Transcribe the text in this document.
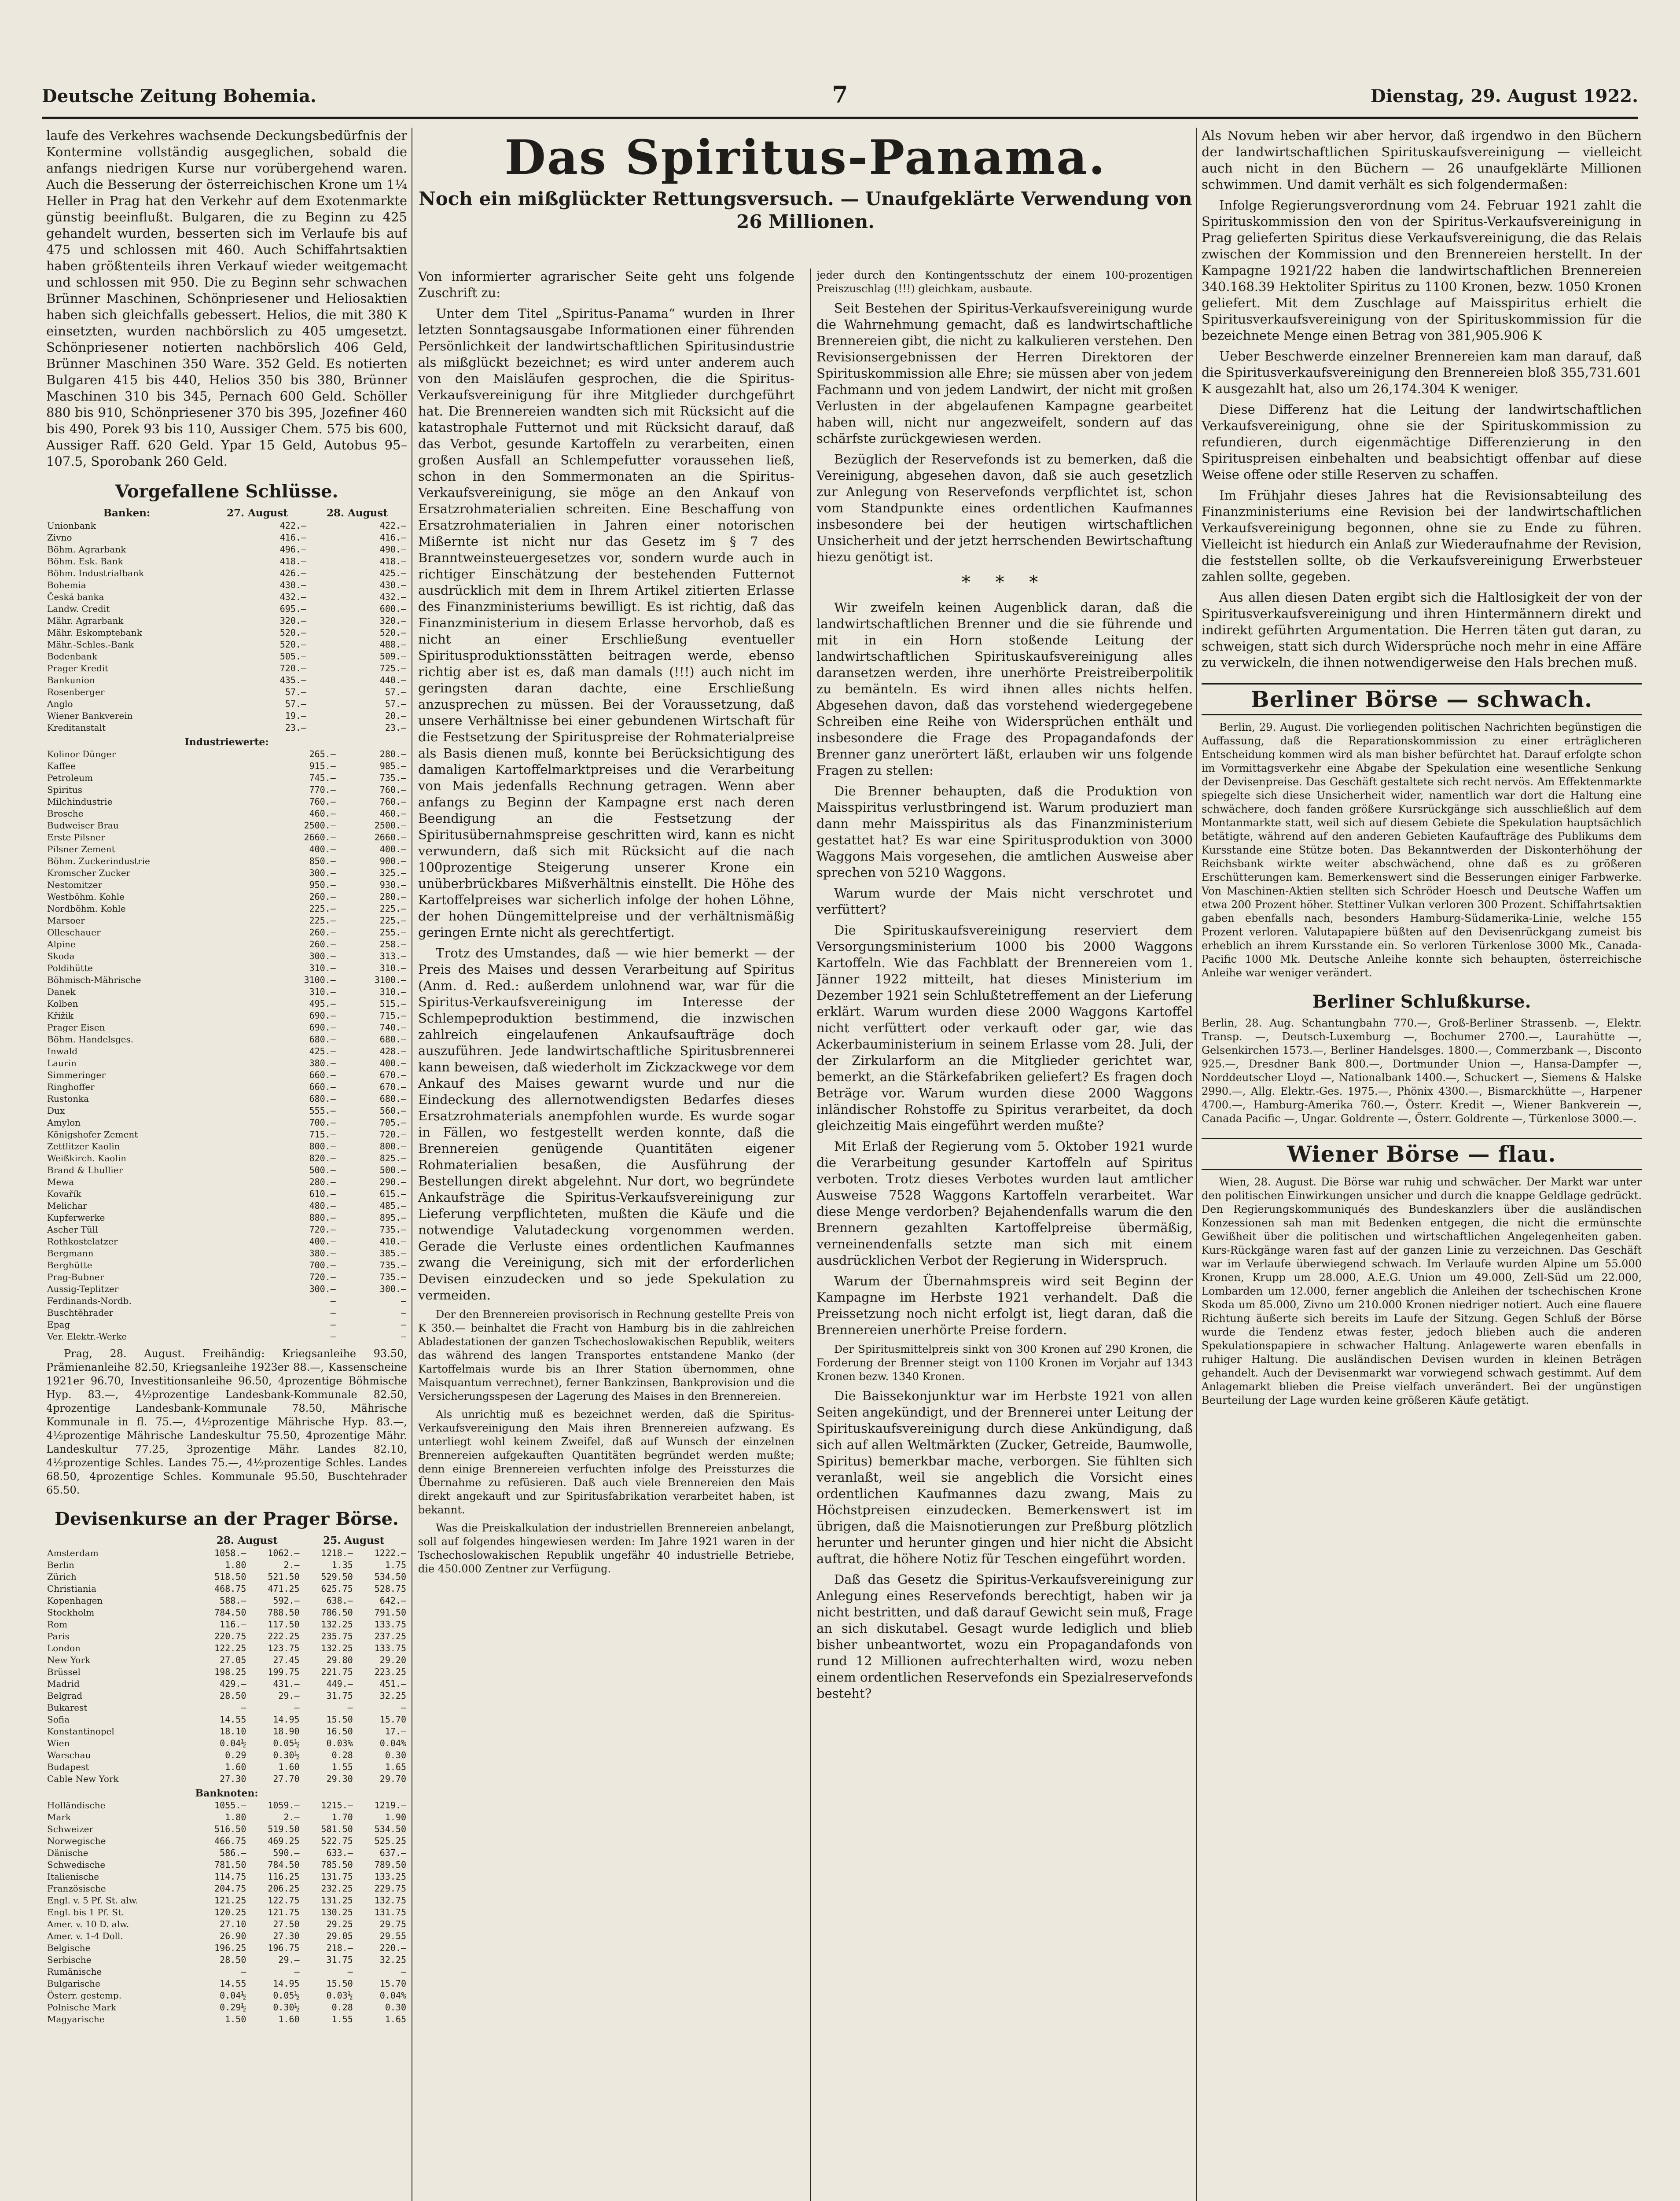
Deutsche Zeitung Bohemia.	7	Dienstag, 29. August 1922.

laufe des Verkehres wachsende Deckungsbedürfnis der Kontermine vollständig ausgeglichen, sobald die anfangs niedrigen Kurse nur vorübergehend waren. Auch die Besserung der österreichischen Krone um 1¼ Heller in Prag hat den Verkehr auf dem Exotenmarkte günstig beeinflußt. Bulgaren, die zu Beginn zu 425 gehandelt wurden, besserten sich im Verlaufe bis auf 475 und schlossen mit 460. Auch Schiffahrtsaktien haben größtenteils ihren Verkauf wieder weitgemacht und schlossen mit 950. Die zu Beginn sehr schwachen Brünner Maschinen, Schönpriesener und Heliosaktien haben sich gleichfalls gebessert. Helios, die mit 380 K einsetzten, wurden nachbörslich zu 405 umgesetzt. Schönpriesener notierten nachbörslich 406 Geld, Brünner Maschinen 350 Ware. 352 Geld. Es notierten Bulgaren 415 bis 440, Helios 350 bis 380, Brünner Maschinen 310 bis 345, Pernach 600 Geld. Schöller 880 bis 910, Schönpriesener 370 bis 395, Jozefiner 460 bis 490, Porek 93 bis 110, Aussiger Chem. 575 bis 600, Aussiger Raff. 620 Geld. Ypar 15 Geld, Autobus 95–107.5, Sporobank 260 Geld.

Vorgefallene Schlüsse.
Banken:	27. August	28. August
Unionbank	422.—	422.—
Zivno	416.—	416.—
Böhm. Agrarbank	496.—	490.—
Böhm. Esk. Bank	418.—	418.—
Böhm. Industrialbank	426.—	425.—
Bohemia	430.—	430.—
Česká banka	432.—	432.—
Landw. Credit	695.—	600.—
Mähr. Agrarbank	320.—	320.—
Mähr. Eskomptebank	520.—	520.—
Mähr.-Schles.-Bank	520.—	488.—
Bodenbank	505.—	509.—
Prager Kredit	720.—	725.—
Bankunion	435.—	440.—
Rosenberger	57.—	57.—
Anglo	57.—	57.—
Wiener Bankverein	19.—	20.—
Kreditanstalt	23.—	23.—
Industriewerte:		
Kolinor Dünger	265.—	280.—
Kaffee	915.—	985.—
Petroleum	745.—	735.—
Spiritus	770.—	760.—
Milchindustrie	760.—	760.—
Brosche	460.—	460.—
Budweiser Brau	2500.—	2500.—
Erste Pilsner	2660.—	2660.—
Pilsner Zement	400.—	400.—
Böhm. Zuckerindustrie	850.—	900.—
Kromscher Zucker	300.—	325.—
Nestomitzer	950.—	930.—
Westböhm. Kohle	260.—	280.—
Nordböhm. Kohle	225.—	225.—
Marsoer	225.—	225.—
Olleschauer	260.—	255.—
Alpine	260.—	258.—
Skoda	300.—	313.—
Poldihütte	310.—	310.—
Böhmisch-Mährische	3100.—	3100.—
Danek	310.—	310.—
Kolben	495.—	515.—
Křižik	690.—	715.—
Prager Eisen	690.—	740.—
Böhm. Handelsges.	680.—	680.—
Inwald	425.—	428.—
Laurin	380.—	400.—
Simmeringer	660.—	670.—
Ringhoffer	660.—	670.—
Rustonka	680.—	680.—
Dux	555.—	560.—
Amylon	700.—	705.—
Königshofer Zement	715.—	720.—
Zettlitzer Kaolin	800.—	800.—
Weißkirch. Kaolin	820.—	825.—
Brand & Lhullier	500.—	500.—
Mewa	280.—	290.—
Kovařík	610.—	615.—
Melichar	480.—	485.—
Kupferwerke	880.—	895.—
Ascher Tüll	720.—	735.—
Rothkostelatzer	400.—	410.—
Bergmann	380.—	385.—
Berghütte	700.—	735.—
Prag-Bubner	720.—	735.—
Aussig-Teplitzer	300.—	300.—
Ferdinands-Nordb.	—	—
Buschtěhrader	—	—
Epag	—	—
Ver. Elektr.-Werke	—	—

Prag, 28. August. Freihändig: Kriegsanleihe 93.50, Prämienanleihe 82.50, Kriegsanleihe 1923er 88.—, Kassenscheine 1921er 96.70, Investitionsanleihe 96.50, 4prozentige Böhmische Hyp. 83.—, 4½prozentige Landesbank-Kommunale 82.50, 4prozentige Landesbank-Kommunale 78.50, Mährische Kommunale in fl. 75.—, 4½prozentige Mährische Hyp. 83.—, 4½prozentige Mährische Landeskultur 75.50, 4prozentige Mähr. Landeskultur 77.25, 3prozentige Mähr. Landes 82.10, 4½prozentige Schles. Landes 75.—, 4½prozentige Schles. Landes 68.50, 4prozentige Schles. Kommunale 95.50, Buschtehrader 65.50.

Devisenkurse an der Prager Börse.
	28. August		25. August	
Amsterdam	1058.—	1062.—	1218.—	1222.—
Berlin	1.80	2.—	1.35	1.75
Zürich	518.50	521.50	529.50	534.50
Christiania	468.75	471.25	625.75	528.75
Kopenhagen	588.—	592.—	638.—	642.—
Stockholm	784.50	788.50	786.50	791.50
Rom	116.—	117.50	132.25	133.75
Paris	220.75	222.25	235.75	237.25
London	122.25	123.75	132.25	133.75
New York	27.05	27.45	29.80	29.20
Brüssel	198.25	199.75	221.75	223.25
Madrid	429.—	431.—	449.—	451.—
Belgrad	28.50	29.—	31.75	32.25
Bukarest	—	—	—	—
Sofia	14.55	14.95	15.50	15.70
Konstantinopel	18.10	18.90	16.50	17.—
Wien	0.04½	0.05½	0.03%	0.04%
Warschau	0.29	0.30½	0.28	0.30
Budapest	1.60	1.60	1.55	1.65
Cable New York	27.30	27.70	29.30	29.70
Banknoten:				
Holländische	1055.—	1059.—	1215.—	1219.—
Mark	1.80	2.—	1.70	1.90
Schweizer	516.50	519.50	581.50	534.50
Norwegische	466.75	469.25	522.75	525.25
Dänische	586.—	590.—	633.—	637.—
Schwedische	781.50	784.50	785.50	789.50
Italienische	114.75	116.25	131.75	133.25
Französische	204.75	206.25	232.25	229.75
Engl. v. 5 Pf. St. alw.	121.25	122.75	131.25	132.75
Engl. bis 1 Pf. St.	120.25	121.75	130.25	131.75
Amer. v. 10 D. alw.	27.10	27.50	29.25	29.75
Amer. v. 1-4 Doll.	26.90	27.30	29.05	29.55
Belgische	196.25	196.75	218.—	220.—
Serbische	28.50	29.—	31.75	32.25
Rumänische	—	—	—	—
Bulgarische	14.55	14.95	15.50	15.70
Österr. gestemp.	0.04½	0.05½	0.03½	0.04%
Polnische Mark	0.29½	0.30½	0.28	0.30
Magyarische	1.50	1.60	1.55	1.65
Das Spiritus-Panama.
Noch ein mißglückter Rettungsversuch. — Unaufgeklärte Verwendung von 26 Millionen.

Von informierter agrarischer Seite geht uns folgende Zuschrift zu:

Unter dem Titel „Spiritus-Panama“ wurden in Ihrer letzten Sonntagsausgabe Informationen einer führenden Persönlichkeit der landwirtschaftlichen Spiritusindustrie als mißglückt bezeichnet; es wird unter anderem auch von den Maisläufen gesprochen, die die Spiritus-Verkaufsvereinigung für ihre Mitglieder durchgeführt hat. Die Brennereien wandten sich mit Rücksicht auf die katastrophale Futternot und mit Rücksicht darauf, daß das Verbot, gesunde Kartoffeln zu verarbeiten, einen großen Ausfall an Schlempefutter voraussehen ließ, schon in den Sommermonaten an die Spiritus-Verkaufsvereinigung, sie möge an den Ankauf von Ersatzrohmaterialien schreiten. Eine Beschaffung von Ersatzrohmaterialien in Jahren einer notorischen Mißernte ist nicht nur das Gesetz im § 7 des Branntweinsteuergesetzes vor, sondern wurde auch in richtiger Einschätzung der bestehenden Futternot ausdrücklich mit dem in Ihrem Artikel zitierten Erlasse des Finanzministeriums bewilligt. Es ist richtig, daß das Finanzministerium in diesem Erlasse hervorhob, daß es nicht an einer Erschließung eventueller Spiritusproduktionsstätten beitragen werde, ebenso richtig aber ist es, daß man damals (!!!) auch nicht im geringsten daran dachte, eine Erschließung anzusprechen zu müssen. Bei der Voraussetzung, daß unsere Verhältnisse bei einer gebundenen Wirtschaft für die Festsetzung der Spirituspreise der Rohmaterialpreise als Basis dienen muß, konnte bei Berücksichtigung des damaligen Kartoffelmarktpreises und die Verarbeitung von Mais jedenfalls Rechnung getragen. Wenn aber anfangs zu Beginn der Kampagne erst nach deren Beendigung an die Festsetzung der Spiritusübernahmspreise geschritten wird, kann es nicht verwundern, daß sich mit Rücksicht auf die nach 100prozentige Steigerung unserer Krone ein unüberbrückbares Mißverhältnis einstellt. Die Höhe des Kartoffelpreises war sicherlich infolge der hohen Löhne, der hohen Düngemittelpreise und der verhältnismäßig geringen Ernte nicht als gerechtfertigt.

Trotz des Umstandes, daß — wie hier bemerkt — der Preis des Maises und dessen Verarbeitung auf Spiritus (Anm. d. Red.: außerdem unlohnend war, war für die Spiritus-Verkaufsvereinigung im Interesse der Schlempeproduktion bestimmend, die inzwischen zahlreich eingelaufenen Ankaufsaufträge doch auszuführen. Jede landwirtschaftliche Spiritusbrennerei kann beweisen, daß wiederholt im Zickzackwege vor dem Ankauf des Maises gewarnt wurde und nur die Eindeckung des allernotwendigsten Bedarfes dieses Ersatzrohmaterials anempfohlen wurde. Es wurde sogar in Fällen, wo festgestellt werden konnte, daß die Brennereien genügende Quantitäten eigener Rohmaterialien besaßen, die Ausführung der Bestellungen direkt abgelehnt. Nur dort, wo begründete Ankaufsträge die Spiritus-Verkaufsvereinigung zur Lieferung verpflichteten, mußten die Käufe und die notwendige Valutadeckung vorgenommen werden. Gerade die Verluste eines ordentlichen Kaufmannes zwang die Vereinigung, sich mit der erforderlichen Devisen einzudecken und so jede Spekulation zu vermeiden.

Der den Brennereien provisorisch in Rechnung gestellte Preis von K 350.— beinhaltet die Fracht von Hamburg bis in die zahlreichen Abladestationen der ganzen Tschechoslowakischen Republik, weiters das während des langen Transportes entstandene Manko (der Kartoffelmais wurde bis an Ihrer Station übernommen, ohne Maisquantum verrechnet), ferner Bankzinsen, Bankprovision und die Versicherungsspesen der Lagerung des Maises in den Brennereien.

Als unrichtig muß es bezeichnet werden, daß die Spiritus-Verkaufsvereinigung den Mais ihren Brennereien aufzwang. Es unterliegt wohl keinem Zweifel, daß auf Wunsch der einzelnen Brennereien aufgekauften Quantitäten begründet werden mußte; denn einige Brennereien verfuchten infolge des Preissturzes die Übernahme zu refüsieren. Daß auch viele Brennereien den Mais direkt angekauft und zur Spiritusfabrikation verarbeitet haben, ist bekannt.

Was die Preiskalkulation der industriellen Brennereien anbelangt, soll auf folgendes hingewiesen werden: Im Jahre 1921 waren in der Tschechoslowakischen Republik ungefähr 40 industrielle Betriebe, die 450.000 Zentner zur Verfügung.

jeder durch den Kontingentsschutz der einem 100-prozentigen Preiszuschlag (!!!) gleichkam, ausbaute.

Seit Bestehen der Spiritus-Verkaufsvereinigung wurde die Wahrnehmung gemacht, daß es landwirtschaftliche Brennereien gibt, die nicht zu kalkulieren verstehen. Den Revisionsergebnissen der Herren Direktoren der Spirituskommission alle Ehre; sie müssen aber von jedem Fachmann und von jedem Landwirt, der nicht mit großen Verlusten in der abgelaufenen Kampagne gearbeitet haben will, nicht nur angezweifelt, sondern auf das schärfste zurückgewiesen werden.

Bezüglich der Reservefonds ist zu bemerken, daß die Vereinigung, abgesehen davon, daß sie auch gesetzlich zur Anlegung von Reservefonds verpflichtet ist, schon vom Standpunkte eines ordentlichen Kaufmannes insbesondere bei der heutigen wirtschaftlichen Unsicherheit und der jetzt herrschenden Bewirtschaftung hiezu genötigt ist.

* * *

Wir zweifeln keinen Augenblick daran, daß die landwirtschaftlichen Brenner und die sie führende und mit in ein Horn stoßende Leitung der landwirtschaftlichen Spirituskaufsvereinigung alles daransetzen werden, ihre unerhörte Preistreiberpolitik zu bemänteln. Es wird ihnen alles nichts helfen. Abgesehen davon, daß das vorstehend wiedergegebene Schreiben eine Reihe von Widersprüchen enthält und insbesondere die Frage des Propagandafonds der Brenner ganz unerörtert läßt, erlauben wir uns folgende Fragen zu stellen:

Die Brenner behaupten, daß die Produktion von Maisspiritus verlustbringend ist. Warum produziert man dann mehr Maisspiritus als das Finanzministerium gestattet hat? Es war eine Spiritusproduktion von 3000 Waggons Mais vorgesehen, die amtlichen Ausweise aber sprechen von 5210 Waggons.

Warum wurde der Mais nicht verschrotet und verfüttert?

Die Spirituskaufsvereinigung reserviert dem Versorgungsministerium 1000 bis 2000 Waggons Kartoffeln. Wie das Fachblatt der Brennereien vom 1. Jänner 1922 mitteilt, hat dieses Ministerium im Dezember 1921 sein Schlußtetreffement an der Lieferung erklärt. Warum wurden diese 2000 Waggons Kartoffel nicht verfüttert oder verkauft oder gar, wie das Ackerbauministerium in seinem Erlasse vom 28. Juli, der der Zirkularform an die Mitglieder gerichtet war, bemerkt, an die Stärkefabriken geliefert? Es fragen doch Beträge vor. Warum wurden diese 2000 Waggons inländischer Rohstoffe zu Spiritus verarbeitet, da doch gleichzeitig Mais eingeführt werden mußte?

Mit Erlaß der Regierung vom 5. Oktober 1921 wurde die Verarbeitung gesunder Kartoffeln auf Spiritus verboten. Trotz dieses Verbotes wurden laut amtlicher Ausweise 7528 Waggons Kartoffeln verarbeitet. War diese Menge verdorben? Bejahendenfalls warum die den Brennern gezahlten Kartoffelpreise übermäßig, verneinendenfalls setzte man sich mit einem ausdrücklichen Verbot der Regierung in Widerspruch.

Warum der Übernahmspreis wird seit Beginn der Kampagne im Herbste 1921 verhandelt. Daß die Preissetzung noch nicht erfolgt ist, liegt daran, daß die Brennereien unerhörte Preise fordern.

Der Spiritusmittelpreis sinkt von 300 Kronen auf 290 Kronen, die Forderung der Brenner steigt von 1100 Kronen im Vorjahr auf 1343 Kronen bezw. 1340 Kronen.

Die Baissekonjunktur war im Herbste 1921 von allen Seiten angekündigt, und der Brennerei unter Leitung der Spirituskaufsvereinigung durch diese Ankündigung, daß sich auf allen Weltmärkten (Zucker, Getreide, Baumwolle, Spiritus) bemerkbar mache, verborgen. Sie fühlten sich veranlaßt, weil sie angeblich die Vorsicht eines ordentlichen Kaufmannes dazu zwang, Mais zu Höchstpreisen einzudecken. Bemerkenswert ist im übrigen, daß die Maisnotierungen zur Preßburg plötzlich herunter und herunter gingen und hier nicht die Absicht auftrat, die höhere Notiz für Teschen eingeführt worden.

Daß das Gesetz die Spiritus-Verkaufsvereinigung zur Anlegung eines Reservefonds berechtigt, haben wir ja nicht bestritten, und daß darauf Gewicht sein muß, Frage an sich diskutabel. Gesagt wurde lediglich und blieb bisher unbeantwortet, wozu ein Propagandafonds von rund 12 Millionen aufrechterhalten wird, wozu neben einem ordentlichen Reservefonds ein Spezialreservefonds besteht?

Als Novum heben wir aber hervor, daß irgendwo in den Büchern der landwirtschaftlichen Spirituskaufsvereinigung — vielleicht auch nicht in den Büchern — 26 unaufgeklärte Millionen schwimmen. Und damit verhält es sich folgendermaßen:

Infolge Regierungsverordnung vom 24. Februar 1921 zahlt die Spirituskommission den von der Spiritus-Verkaufsvereinigung in Prag gelieferten Spiritus diese Verkaufsvereinigung, die das Relais zwischen der Kommission und den Brennereien herstellt. In der Kampagne 1921/22 haben die landwirtschaftlichen Brennereien 340.168.39 Hektoliter Spiritus zu 1100 Kronen, bezw. 1050 Kronen geliefert. Mit dem Zuschlage auf Maisspiritus erhielt die Spiritusverkaufsvereinigung von der Spirituskommission für die bezeichnete Menge einen Betrag von 381,905.906 K

Ueber Beschwerde einzelner Brennereien kam man darauf, daß die Spiritusverkaufsvereinigung den Brennereien bloß 355,731.601 K ausgezahlt hat, also um 26,174.304 K weniger.

Diese Differenz hat die Leitung der landwirtschaftlichen Verkaufsvereinigung, ohne sie der Spirituskommission zu refundieren, durch eigenmächtige Differenzierung in den Spirituspreisen einbehalten und beabsichtigt offenbar auf diese Weise offene oder stille Reserven zu schaffen.

Im Frühjahr dieses Jahres hat die Revisionsabteilung des Finanzministeriums eine Revision bei der landwirtschaftlichen Verkaufsvereinigung begonnen, ohne sie zu Ende zu führen. Vielleicht ist hiedurch ein Anlaß zur Wiederaufnahme der Revision, die feststellen sollte, ob die Verkaufsvereinigung Erwerbsteuer zahlen sollte, gegeben.

Aus allen diesen Daten ergibt sich die Haltlosigkeit der von der Spiritusverkaufsvereinigung und ihren Hintermännern direkt und indirekt geführten Argumentation. Die Herren täten gut daran, zu schweigen, statt sich durch Widersprüche noch mehr in eine Affäre zu verwickeln, die ihnen notwendigerweise den Hals brechen muß.

Berliner Börse — schwach.

Berlin, 29. August. Die vorliegenden politischen Nachrichten begünstigen die Auffassung, daß die Reparationskommission zu einer erträglicheren Entscheidung kommen wird als man bisher befürchtet hat. Darauf erfolgte schon im Vormittagsverkehr eine Abgabe der Spekulation eine wesentliche Senkung der Devisenpreise. Das Geschäft gestaltete sich recht nervös. Am Effektenmarkte spiegelte sich diese Unsicherheit wider, namentlich war dort die Haltung eine schwächere, doch fanden größere Kursrückgänge sich ausschließlich auf dem Montanmarkte statt, weil sich auf diesem Gebiete die Spekulation hauptsächlich betätigte, während auf den anderen Gebieten Kaufaufträge des Publikums dem Kursstande eine Stütze boten. Das Bekanntwerden der Diskonterhöhung der Reichsbank wirkte weiter abschwächend, ohne daß es zu größeren Erschütterungen kam. Bemerkenswert sind die Besserungen einiger Farbwerke. Von Maschinen-Aktien stellten sich Schröder Hoesch und Deutsche Waffen um etwa 200 Prozent höher. Stettiner Vulkan verloren 300 Prozent. Schiffahrtsaktien gaben ebenfalls nach, besonders Hamburg-Südamerika-Linie, welche 155 Prozent verloren. Valutapapiere büßten auf den Devisenrückgang zumeist bis erheblich an ihrem Kursstande ein. So verloren Türkenlose 3000 Mk., Canada-Pacific 1000 Mk. Deutsche Anleihe konnte sich behaupten, österreichische Anleihe war weniger verändert.

Berliner Schlußkurse.

Berlin, 28. Aug. Schantungbahn 770.—, Groß-Berliner Strassenb. —, Elektr. Transp. —, Deutsch-Luxemburg —, Bochumer 2700.—, Laurahütte —, Gelsenkirchen 1573.—, Berliner Handelsges. 1800.—, Commerzbank —, Disconto 925.—, Dresdner Bank 800.—, Dortmunder Union —, Hansa-Dampfer —, Norddeutscher Lloyd —, Nationalbank 1400.—, Schuckert —, Siemens & Halske 2990.—, Allg. Elektr.-Ges. 1975.—, Phönix 4300.—, Bismarckhütte —, Harpener 4700.—, Hamburg-Amerika 760.—, Österr. Kredit —, Wiener Bankverein —, Canada Pacific —, Ungar. Goldrente —, Österr. Goldrente —, Türkenlose 3000.—.

Wiener Börse — flau.

Wien, 28. August. Die Börse war ruhig und schwächer. Der Markt war unter den politischen Einwirkungen unsicher und durch die knappe Geldlage gedrückt. Den Regierungskommuniqués des Bundeskanzlers über die ausländischen Konzessionen sah man mit Bedenken entgegen, die nicht die ermünschte Gewißheit über die politischen und wirtschaftlichen Angelegenheiten gaben. Kurs-Rückgänge waren fast auf der ganzen Linie zu verzeichnen. Das Geschäft war im Verlaufe überwiegend schwach. Im Verlaufe wurden Alpine um 55.000 Kronen, Krupp um 28.000, A.E.G. Union um 49.000, Zell-Süd um 22.000, Lombarden um 12.000, ferner angeblich die Anleihen der tschechischen Krone Skoda um 85.000, Zivno um 210.000 Kronen niedriger notiert. Auch eine flauere Richtung äußerte sich bereits im Laufe der Sitzung. Gegen Schluß der Börse wurde die Tendenz etwas fester, jedoch blieben auch die anderen Spekulationspapiere in schwacher Haltung. Anlagewerte waren ebenfalls in ruhiger Haltung. Die ausländischen Devisen wurden in kleinen Beträgen gehandelt. Auch der Devisenmarkt war vorwiegend schwach gestimmt. Auf dem Anlagemarkt blieben die Preise vielfach unverändert. Bei der ungünstigen Beurteilung der Lage wurden keine größeren Käufe getätigt.
